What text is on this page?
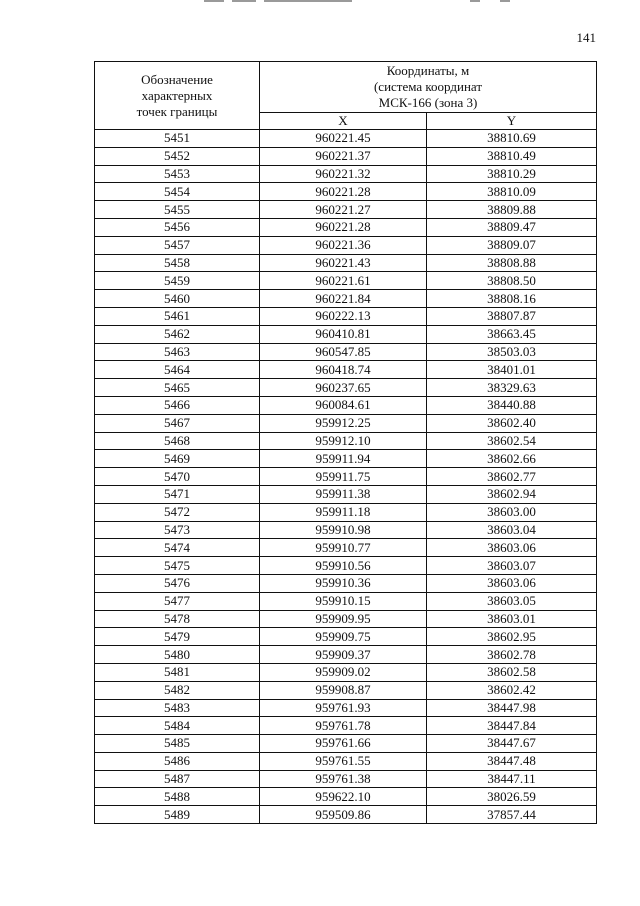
141
Обозначение
характерных
точек границы	Координаты, м
(система координат
МСК-166 (зона 3)	

	X	Y
5451	960221.45	38810.69
5452	960221.37	38810.49
5453	960221.32	38810.29
5454	960221.28	38810.09
5455	960221.27	38809.88
5456	960221.28	38809.47
5457	960221.36	38809.07
5458	960221.43	38808.88
5459	960221.61	38808.50
5460	960221.84	38808.16
5461	960222.13	38807.87
5462	960410.81	38663.45
5463	960547.85	38503.03
5464	960418.74	38401.01
5465	960237.65	38329.63
5466	960084.61	38440.88
5467	959912.25	38602.40
5468	959912.10	38602.54
5469	959911.94	38602.66
5470	959911.75	38602.77
5471	959911.38	38602.94
5472	959911.18	38603.00
5473	959910.98	38603.04
5474	959910.77	38603.06
5475	959910.56	38603.07
5476	959910.36	38603.06
5477	959910.15	38603.05
5478	959909.95	38603.01
5479	959909.75	38602.95
5480	959909.37	38602.78
5481	959909.02	38602.58
5482	959908.87	38602.42
5483	959761.93	38447.98
5484	959761.78	38447.84
5485	959761.66	38447.67
5486	959761.55	38447.48
5487	959761.38	38447.11
5488	959622.10	38026.59
5489	959509.86	37857.44
